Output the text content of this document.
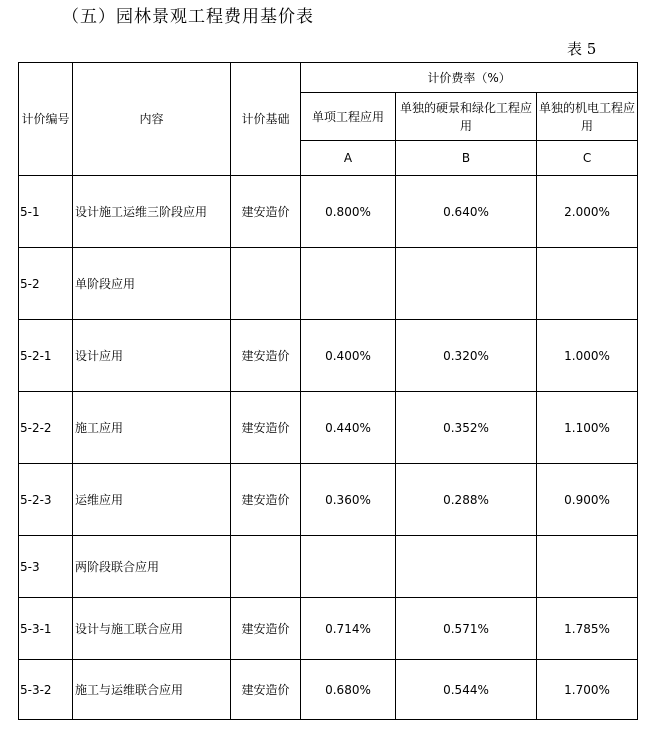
（五）园林景观工程费用基价表
表 5
计价编号	内容	计价基础	计价费率（%）		
			单项工程应用	单独的硬景和绿化工程应用	单独的机电工程应用
			A	B	C
5-1	设计施工运维三阶段应用	建安造价	0.800%	0.640%	2.000%
5-2	单阶段应用				
5-2-1	设计应用	建安造价	0.400%	0.320%	1.000%
5-2-2	施工应用	建安造价	0.440%	0.352%	1.100%
5-2-3	运维应用	建安造价	0.360%	0.288%	0.900%
5-3	两阶段联合应用				
5-3-1	设计与施工联合应用	建安造价	0.714%	0.571%	1.785%
5-3-2	施工与运维联合应用	建安造价	0.680%	0.544%	1.700%
